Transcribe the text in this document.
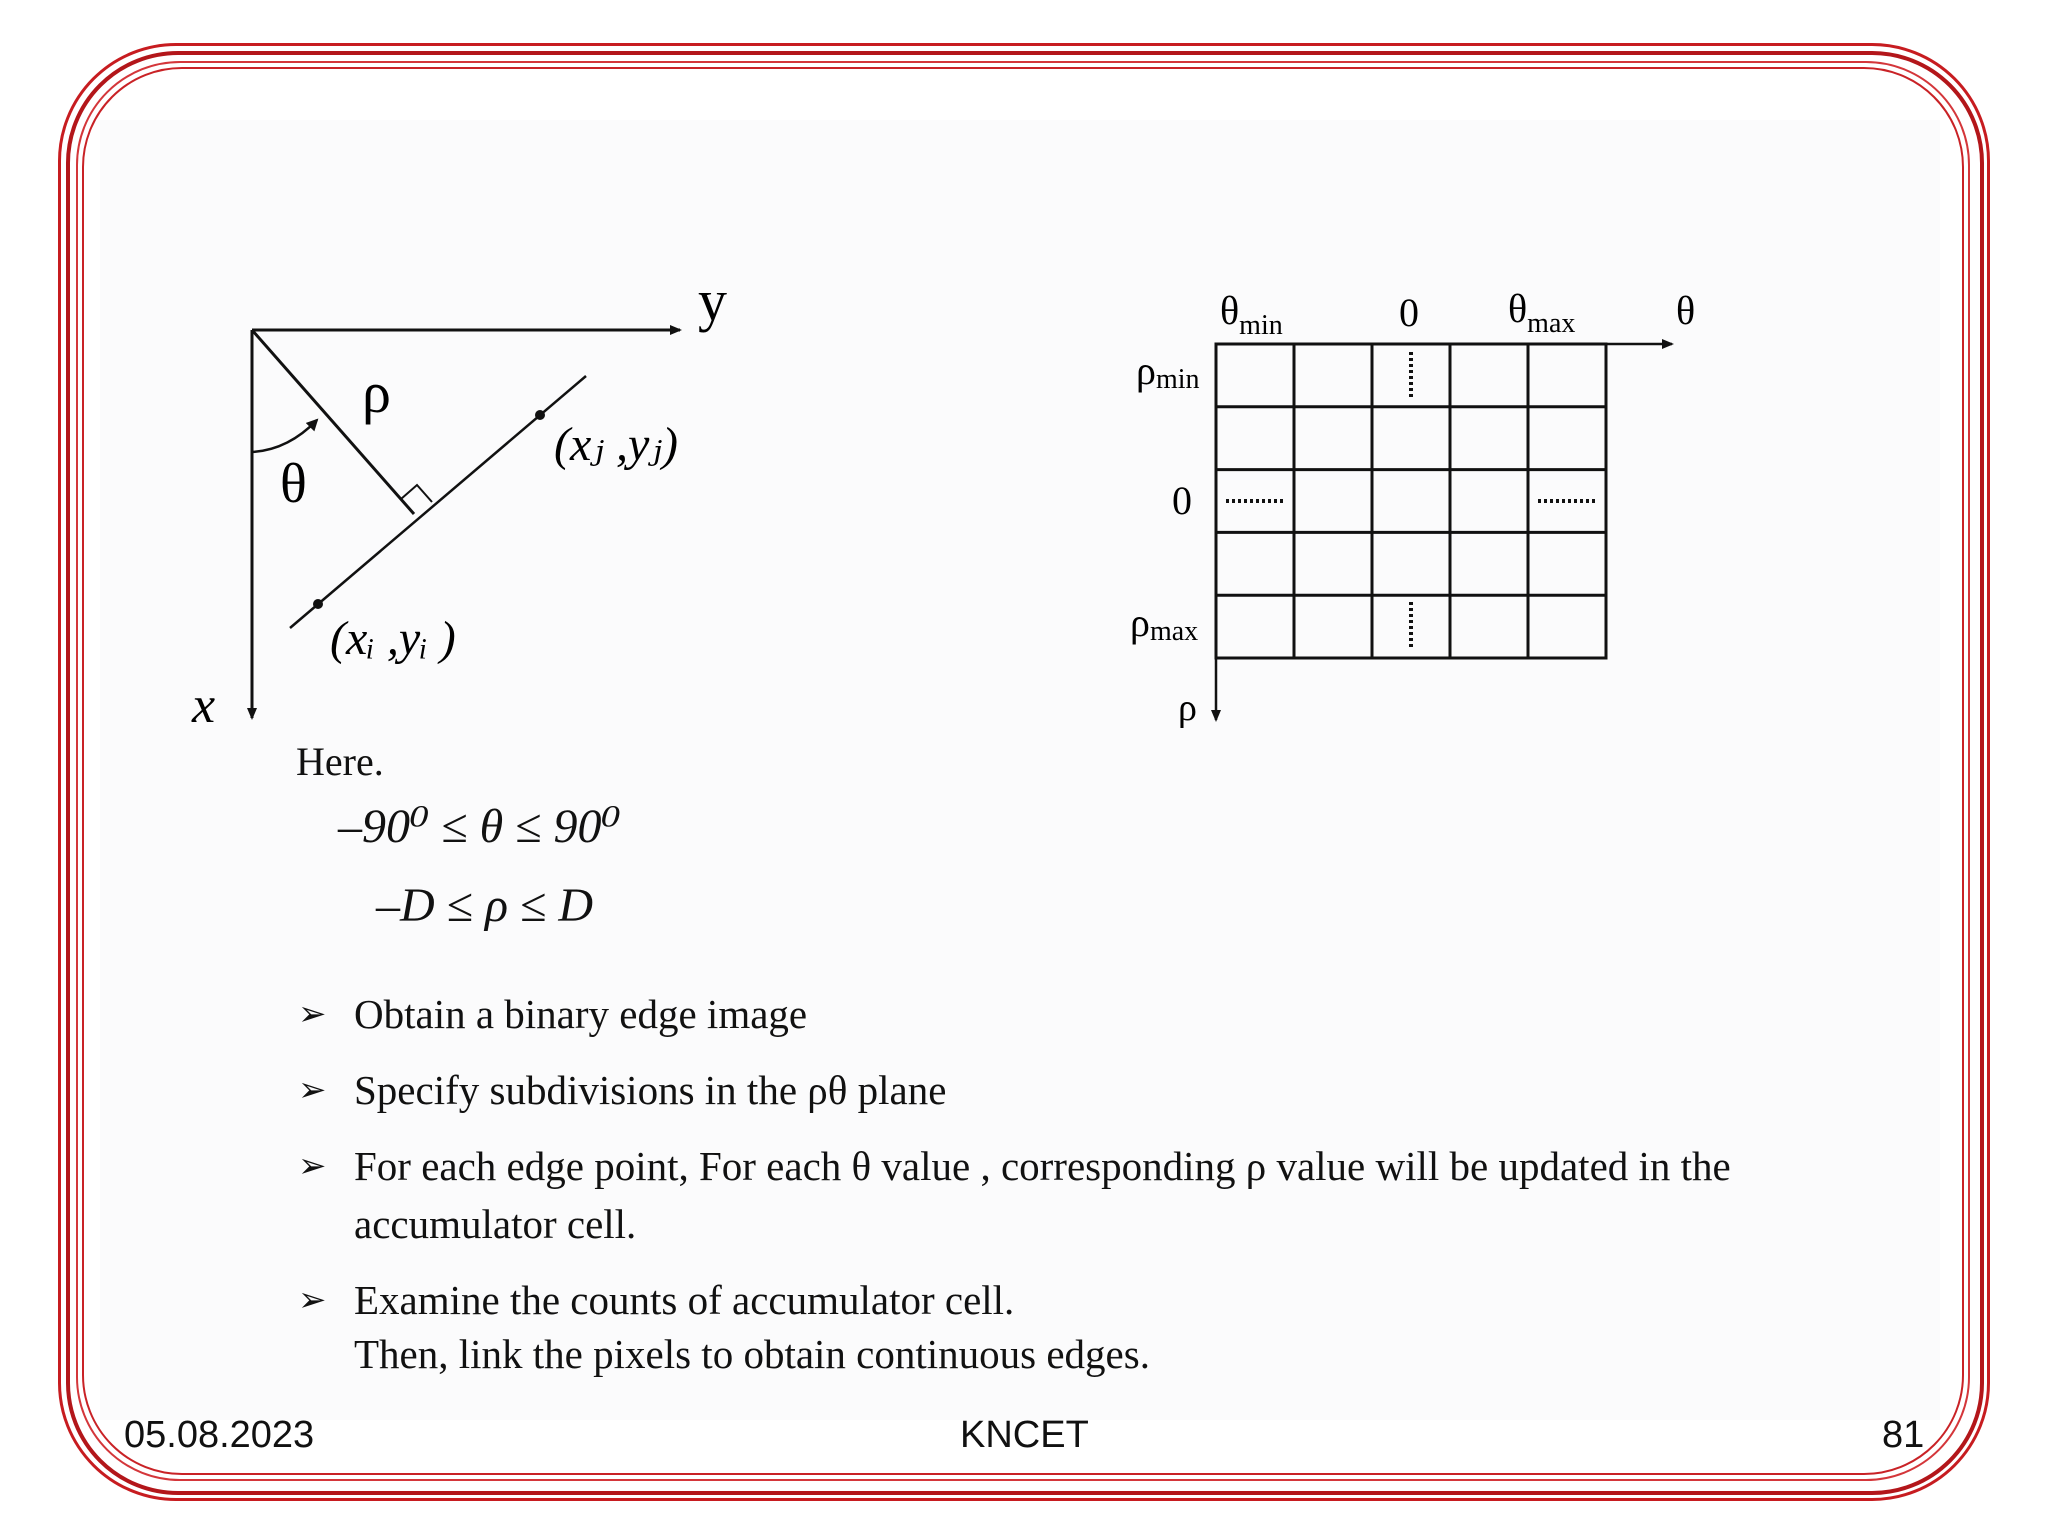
y
x
ρ
θ
(xⱼ ,yⱼ)
(xᵢ ,yᵢ )
$\theta_{min}$	0 $\theta_{max}$	θ
ρmin
0
ρmax
ρ
Here.
–90⁰ ≤ θ ≤ 90⁰
–D ≤ ρ ≤ D
➢ Obtain a binary edge image
➢ Specify subdivisions in the ρθ plane
➢ For each edge point, For each θ value , corresponding ρ value will be updated in the accumulator cell.
➢ Examine the counts of accumulator cell.
Then, link the pixels to obtain continuous edges.
05.08.2023	KNCET	81
